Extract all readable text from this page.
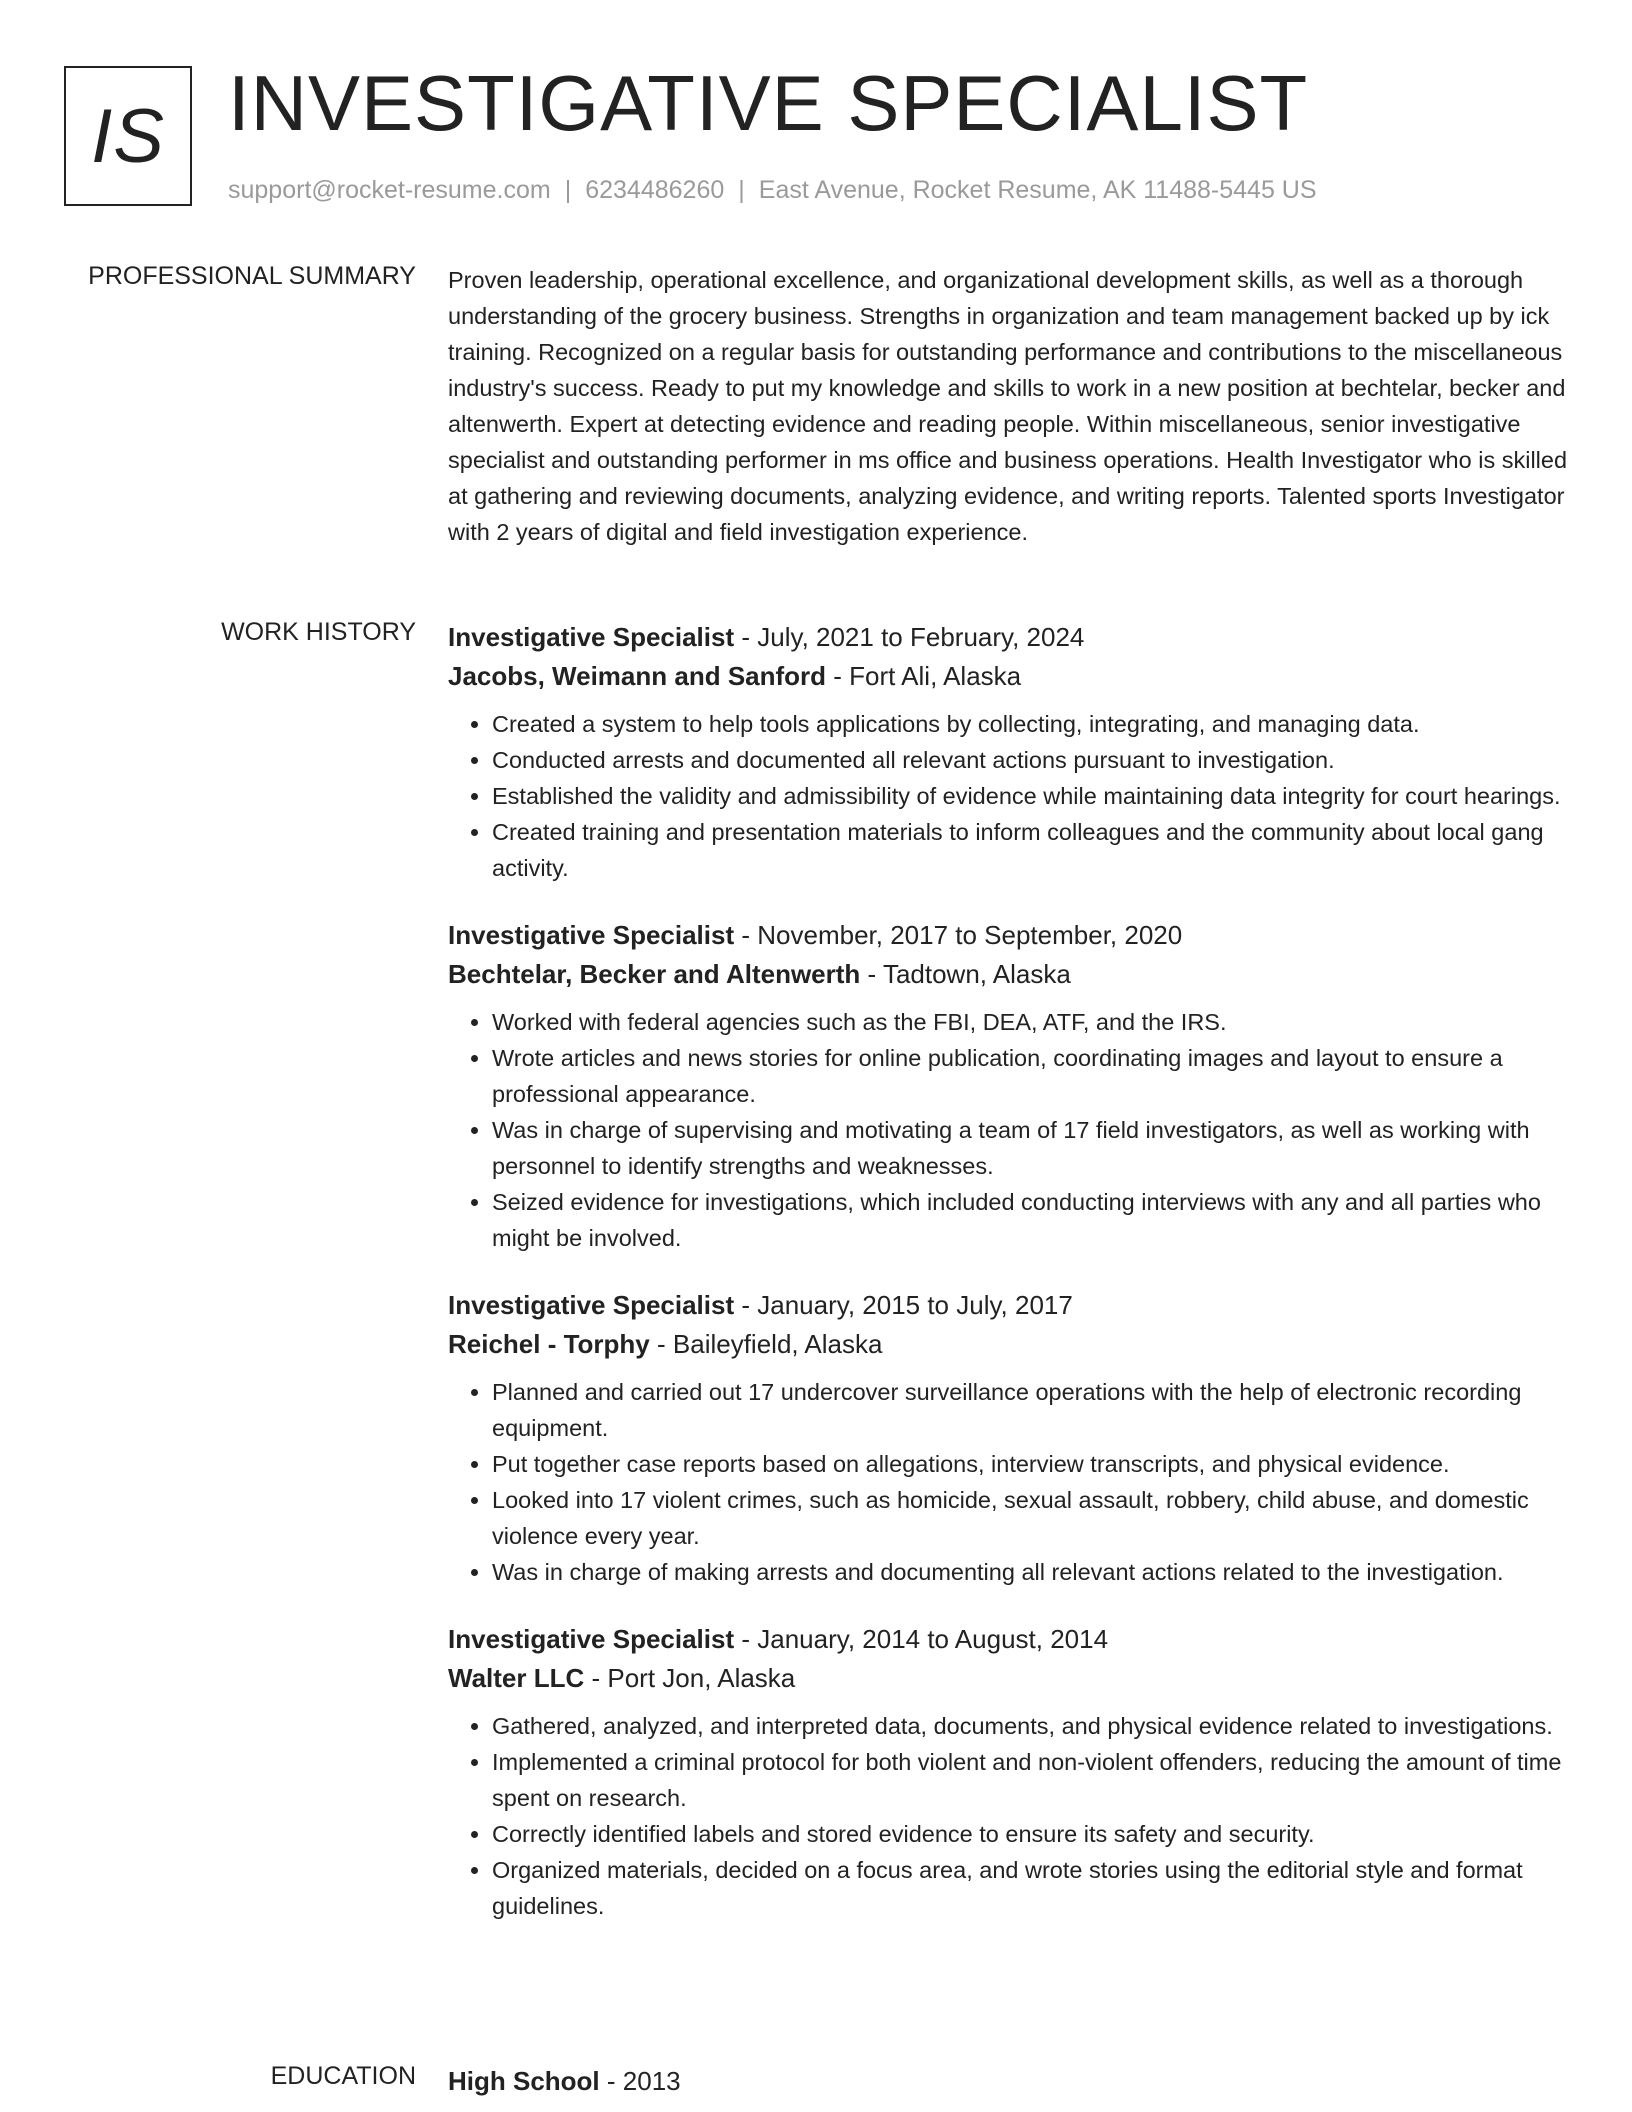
IS INVESTIGATIVE SPECIALIST
support@rocket-resume.com | 6234486260 | East Avenue, Rocket Resume, AK 11488-5445 US
PROFESSIONAL SUMMARY Proven leadership, operational excellence, and organizational development skills, as well as a thorough understanding of the grocery business. Strengths in organization and team management backed up by ick training. Recognized on a regular basis for outstanding performance and contributions to the miscellaneous industry's success. Ready to put my knowledge and skills to work in a new position at bechtelar, becker and altenwerth. Expert at detecting evidence and reading people. Within miscellaneous, senior investigative specialist and outstanding performer in ms office and business operations. Health Investigator who is skilled at gathering and reviewing documents, analyzing evidence, and writing reports. Talented sports Investigator with 2 years of digital and field investigation experience.

WORK HISTORY Investigative Specialist - July, 2021 to February, 2024
Jacobs, Weimann and Sanford - Fort Ali, Alaska
• Created a system to help tools applications by collecting, integrating, and managing data.
• Conducted arrests and documented all relevant actions pursuant to investigation.
• Established the validity and admissibility of evidence while maintaining data integrity for court hearings.
• Created training and presentation materials to inform colleagues and the community about local gang activity.
Investigative Specialist - November, 2017 to September, 2020
Bechtelar, Becker and Altenwerth - Tadtown, Alaska
• Worked with federal agencies such as the FBI, DEA, ATF, and the IRS.
• Wrote articles and news stories for online publication, coordinating images and layout to ensure a professional appearance.
• Was in charge of supervising and motivating a team of 17 field investigators, as well as working with personnel to identify strengths and weaknesses.
• Seized evidence for investigations, which included conducting interviews with any and all parties who might be involved.
Investigative Specialist - January, 2015 to July, 2017
Reichel - Torphy - Baileyfield, Alaska
• Planned and carried out 17 undercover surveillance operations with the help of electronic recording equipment.
• Put together case reports based on allegations, interview transcripts, and physical evidence.
• Looked into 17 violent crimes, such as homicide, sexual assault, robbery, child abuse, and domestic violence every year.
• Was in charge of making arrests and documenting all relevant actions related to the investigation.
Investigative Specialist - January, 2014 to August, 2014
Walter LLC - Port Jon, Alaska
• Gathered, analyzed, and interpreted data, documents, and physical evidence related to investigations.
• Implemented a criminal protocol for both violent and non-violent offenders, reducing the amount of time spent on research.
• Correctly identified labels and stored evidence to ensure its safety and security.
• Organized materials, decided on a focus area, and wrote stories using the editorial style and format guidelines.
EDUCATION High School - 2013
